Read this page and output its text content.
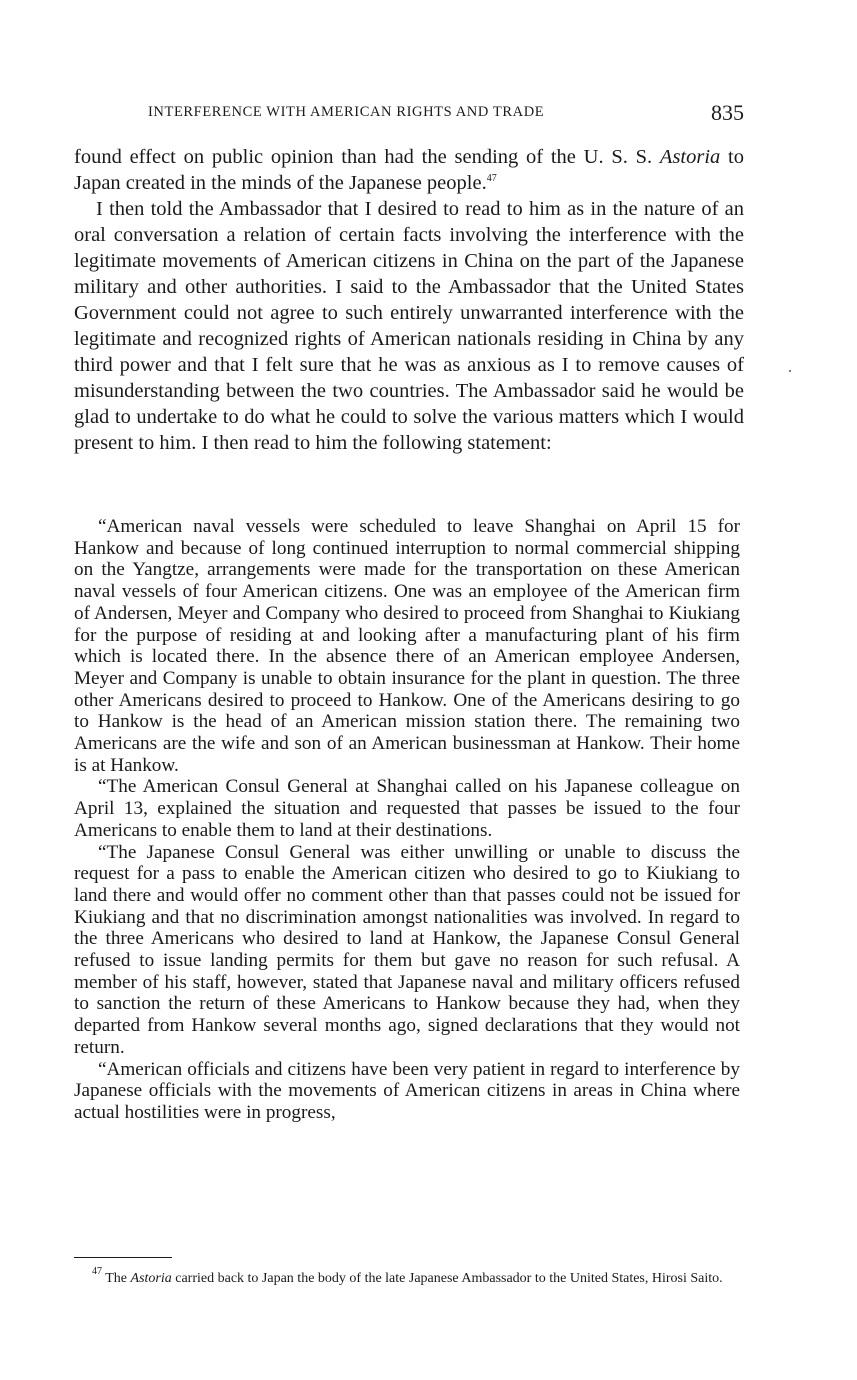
INTERFERENCE WITH AMERICAN RIGHTS AND TRADE	835

found effect on public opinion than had the sending of the U. S. S. Astoria to Japan created in the minds of the Japanese people.$^{47}$

I then told the Ambassador that I desired to read to him as in the nature of an oral conversation a relation of certain facts involving the interference with the legitimate movements of American citizens in China on the part of the Japanese military and other authorities. I said to the Ambassador that the United States Government could not agree to such entirely unwarranted interference with the legitimate and recognized rights of American nationals residing in China by any third power and that I felt sure that he was as anxious as I to remove causes of misunderstanding between the two countries. The Ambassador said he would be glad to undertake to do what he could to solve the various matters which I would present to him. I then read to him the following statement:

“American naval vessels were scheduled to leave Shanghai on April 15 for Hankow and because of long continued interruption to normal commercial shipping on the Yangtze, arrangements were made for the transportation on these American naval vessels of four American citizens. One was an employee of the American firm of Andersen, Meyer and Company who desired to proceed from Shanghai to Kiukiang for the purpose of residing at and looking after a manufacturing plant of his firm which is located there. In the absence there of an American employee Andersen, Meyer and Company is unable to obtain insurance for the plant in question. The three other Americans desired to proceed to Hankow. One of the Americans desiring to go to Hankow is the head of an American mission station there. The remaining two Americans are the wife and son of an American businessman at Hankow. Their home is at Hankow.

“The American Consul General at Shanghai called on his Japanese colleague on April 13, explained the situation and requested that passes be issued to the four Americans to enable them to land at their destinations.

“The Japanese Consul General was either unwilling or unable to discuss the request for a pass to enable the American citizen who desired to go to Kiukiang to land there and would offer no comment other than that passes could not be issued for Kiukiang and that no discrimination amongst nationalities was involved. In regard to the three Americans who desired to land at Hankow, the Japanese Consul General refused to issue landing permits for them but gave no reason for such refusal. A member of his staff, however, stated that Japanese naval and military officers refused to sanction the return of these Americans to Hankow because they had, when they departed from Hankow several months ago, signed declarations that they would not return.

“American officials and citizens have been very patient in regard to interference by Japanese officials with the movements of American citizens in areas in China where actual hostilities were in progress,

$^{47}$ The Astoria carried back to Japan the body of the late Japanese Ambassador to the United States, Hirosi Saito.
